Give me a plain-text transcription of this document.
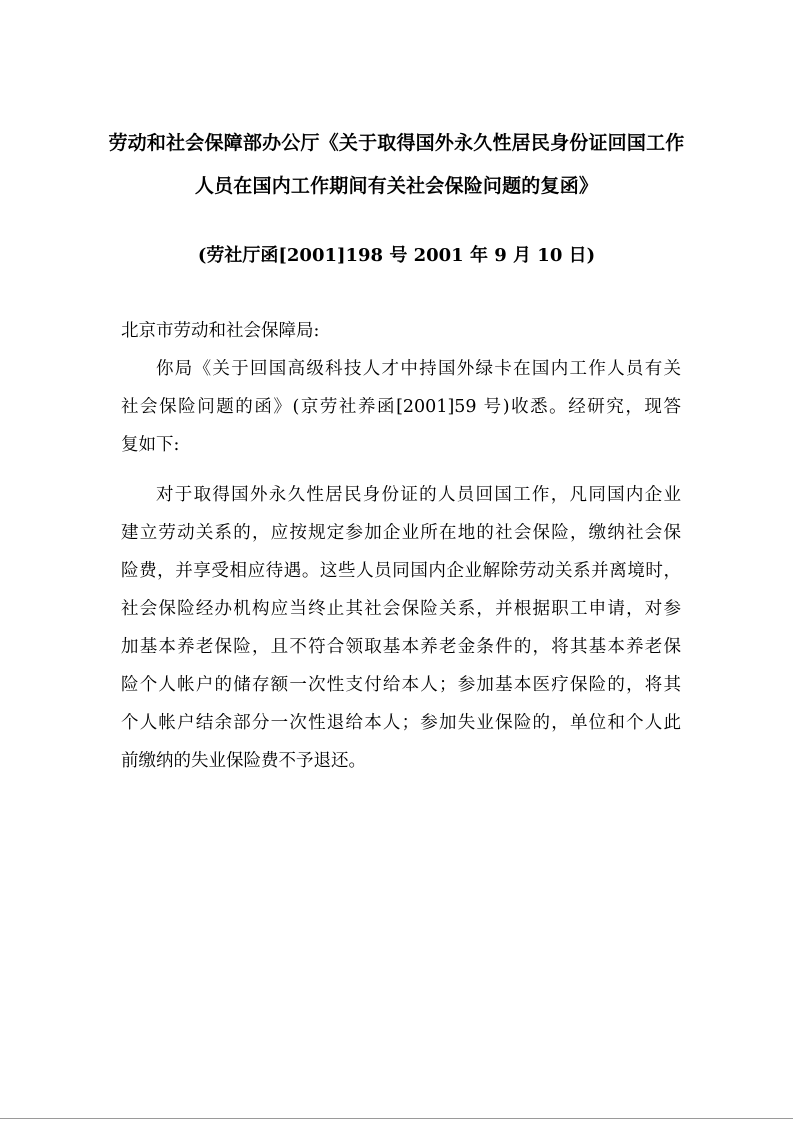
劳动和社会保障部办公厅《关于取得国外永久性居民身份证回国工作
人员在国内工作期间有关社会保险问题的复函》
(劳社厅函[2001]198 号 2001 年 9 月 10 日)
北京市劳动和社会保障局:
你局《关于回国高级科技人才中持国外绿卡在国内工作人员有关
社会保险问题的函》(京劳社养函[2001]59 号)收悉。经研究，现答
复如下:
对于取得国外永久性居民身份证的人员回国工作，凡同国内企业
建立劳动关系的，应按规定参加企业所在地的社会保险，缴纳社会保
险费，并享受相应待遇。这些人员同国内企业解除劳动关系并离境时，
社会保险经办机构应当终止其社会保险关系，并根据职工申请，对参
加基本养老保险，且不符合领取基本养老金条件的，将其基本养老保
险个人帐户的储存额一次性支付给本人；参加基本医疗保险的，将其
个人帐户结余部分一次性退给本人；参加失业保险的，单位和个人此
前缴纳的失业保险费不予退还。
